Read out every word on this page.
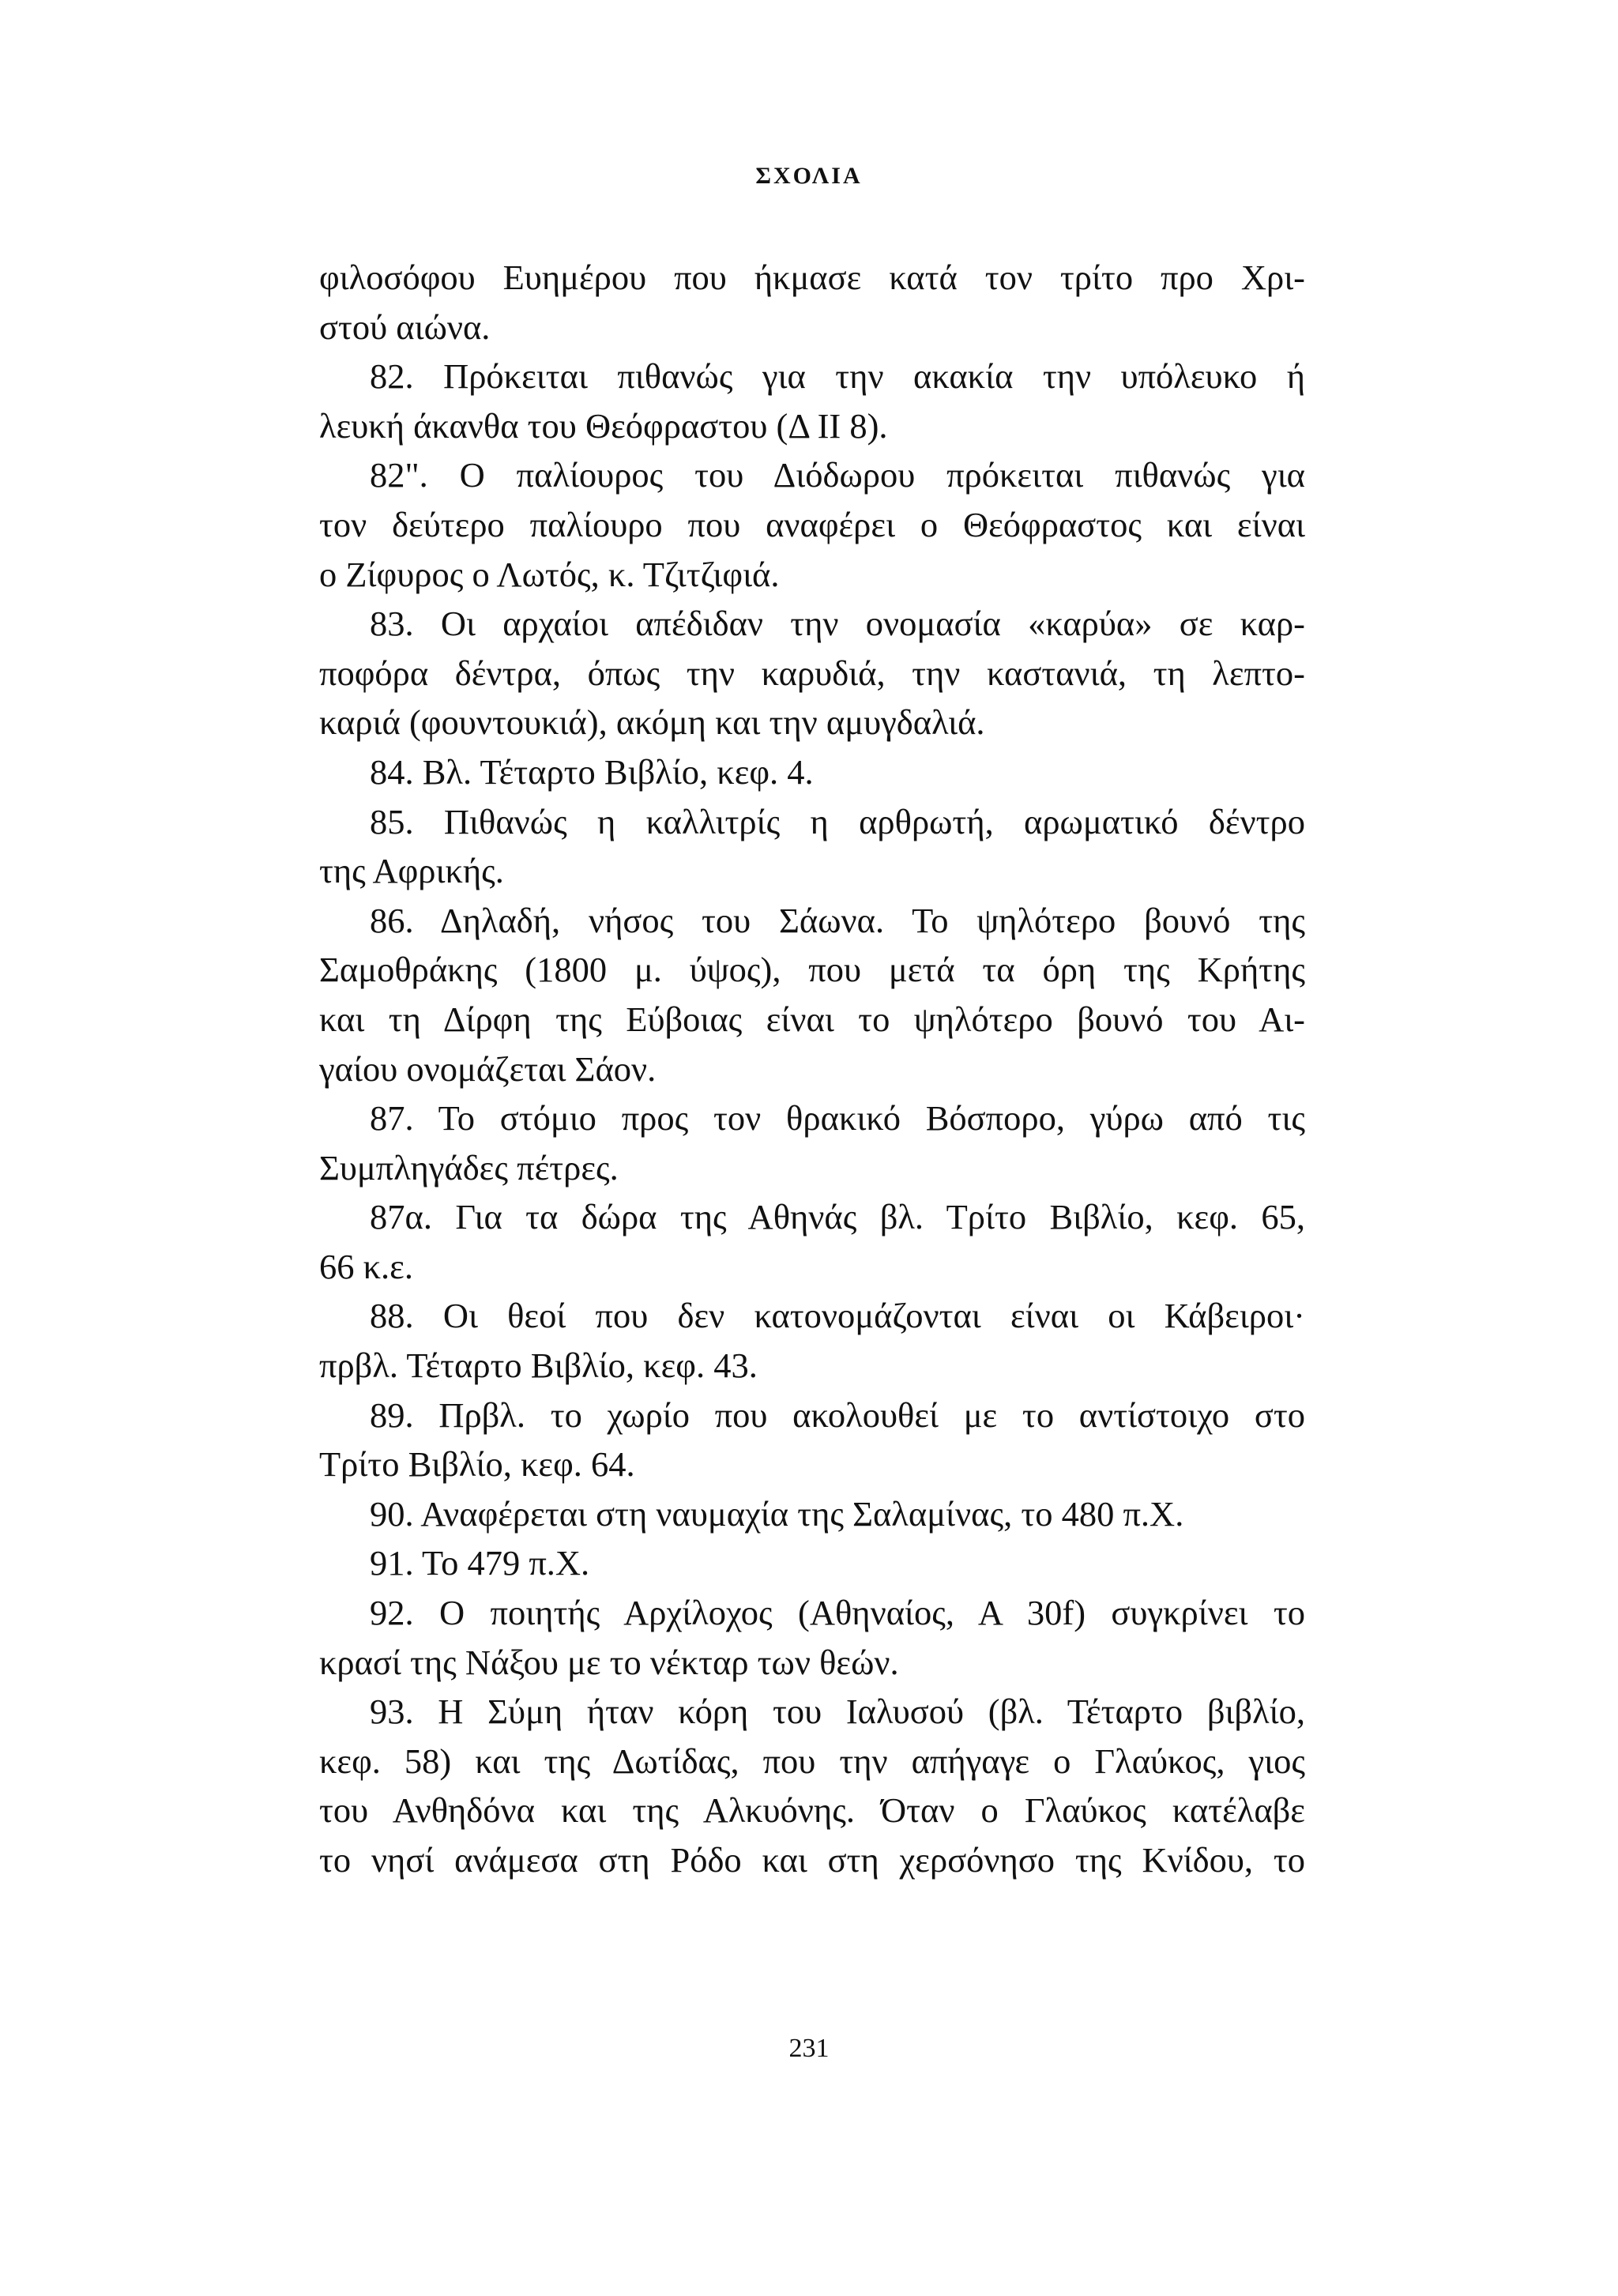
ΣΧΟΛΙΑ
φιλοσόφου Ευημέρου που ήκμασε κατά τον τρίτο προ Χρι-
στού αιώνα.
82. Πρόκειται πιθανώς για την ακακία την υπόλευκο ή
λευκή άκανθα του Θεόφραστου (Δ ΙΙ 8).
82". Ο παλίουρος του Διόδωρου πρόκειται πιθανώς για
τον δεύτερο παλίουρο που αναφέρει ο Θεόφραστος και είναι
ο Ζίφυρος ο Λωτός, κ. Τζιτζιφιά.
83. Οι αρχαίοι απέδιδαν την ονομασία «καρύα» σε καρ-
ποφόρα δέντρα, όπως την καρυδιά, την καστανιά, τη λεπτο-
καριά (φουντουκιά), ακόμη και την αμυγδαλιά.
84. Βλ. Τέταρτο Βιβλίο, κεφ. 4.
85. Πιθανώς η καλλιτρίς η αρθρωτή, αρωματικό δέντρο
της Αφρικής.
86. Δηλαδή, νήσος του Σάωνα. Το ψηλότερο βουνό της
Σαμοθράκης (1800 μ. ύψος), που μετά τα όρη της Κρήτης
και τη Δίρφη της Εύβοιας είναι το ψηλότερο βουνό του Αι-
γαίου ονομάζεται Σάον.
87. Το στόμιο προς τον θρακικό Βόσπορο, γύρω από τις
Συμπληγάδες πέτρες.
87α. Για τα δώρα της Αθηνάς βλ. Τρίτο Βιβλίο, κεφ. 65,
66 κ.ε.
88. Οι θεοί που δεν κατονομάζονται είναι οι Κάβειροι·
πρβλ. Τέταρτο Βιβλίο, κεφ. 43.
89. Πρβλ. το χωρίο που ακολουθεί με το αντίστοιχο στο
Τρίτο Βιβλίο, κεφ. 64.
90. Αναφέρεται στη ναυμαχία της Σαλαμίνας, το 480 π.Χ.
91. Το 479 π.Χ.
92. Ο ποιητής Αρχίλοχος (Αθηναίος, Α 30f) συγκρίνει το
κρασί της Νάξου με το νέκταρ των θεών.
93. Η Σύμη ήταν κόρη του Ιαλυσού (βλ. Τέταρτο βιβλίο,
κεφ. 58) και της Δωτίδας, που την απήγαγε ο Γλαύκος, γιος
του Ανθηδόνα και της Αλκυόνης. Όταν ο Γλαύκος κατέλαβε
το νησί ανάμεσα στη Ρόδο και στη χερσόνησο της Κνίδου, το
231
